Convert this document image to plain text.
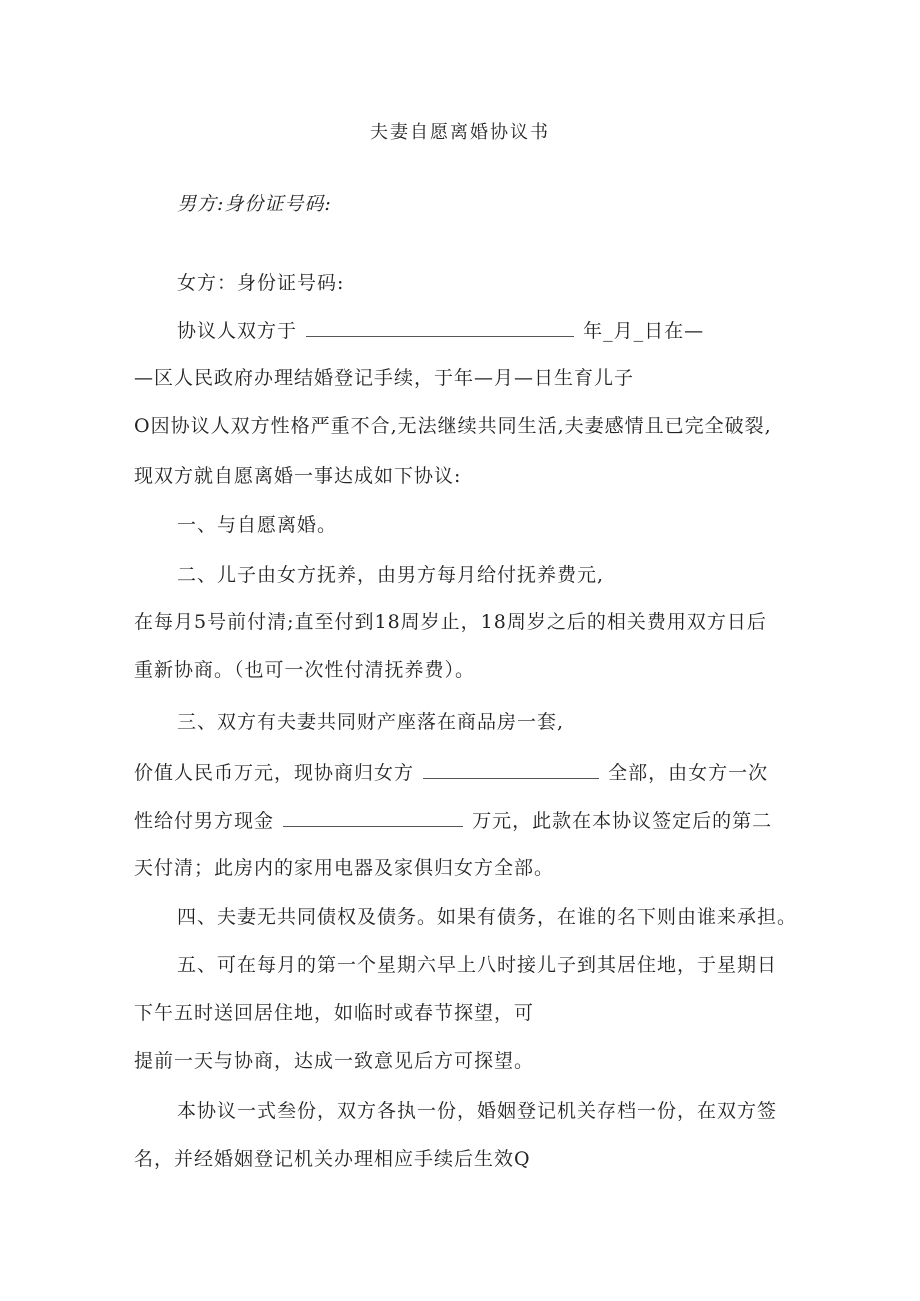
夫妻自愿离婚协议书
男方:身份证号码:
女方：身份证号码:
协议人双方于	年_月_日在—
—区人民政府办理结婚登记手续，于年—月—日生育儿子
O因协议人双方性格严重不合,无法继续共同生活,夫妻感情且已完全破裂,
现双方就自愿离婚一事达成如下协议:
一、与自愿离婚。
二、儿子由女方抚养，由男方每月给付抚养费元,
在每月5号前付清;直至付到18周岁止，18周岁之后的相关费用双方日后
重新协商。（也可一次性付清抚养费）。
三、双方有夫妻共同财产座落在商品房一套,
价值人民币万元，现协商归女方	全部，由女方一次
性给付男方现金	万元，此款在本协议签定后的第二
天付清；此房内的家用电器及家俱归女方全部。
四、夫妻无共同债权及债务。如果有债务，在谁的名下则由谁来承担。
五、可在每月的第一个星期六早上八时接儿子到其居住地，于星期日
下午五时送回居住地，如临时或春节探望，可
提前一天与协商，达成一致意见后方可探望。
本协议一式叁份，双方各执一份，婚姻登记机关存档一份，在双方签
名，并经婚姻登记机关办理相应手续后生效Q
